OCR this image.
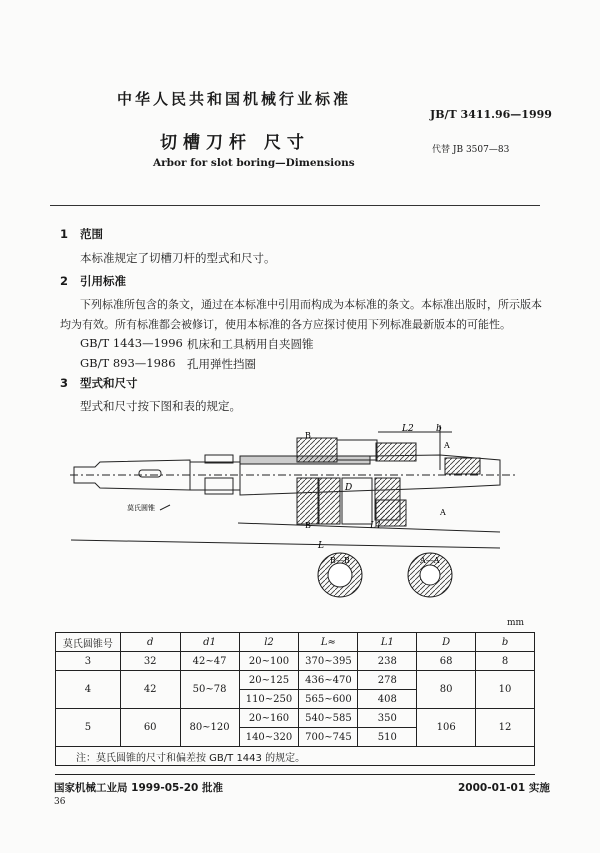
中华人民共和国机械行业标准
JB/T 3411.96—1999
切槽刀杆 尺寸	代替 JB 3507—83
Arbor for slot boring—Dimensions
1 范围
本标准规定了切槽刀杆的型式和尺寸。
2 引用标准
下列标准所包含的条文，通过在本标准中引用而构成为本标准的条文。本标准出版时，所示版本
均为有效。所有标准都会被修订，使用本标准的各方应探讨使用下列标准最新版本的可能性。
GB/T 1443—1996 机床和工具柄用自夹圆锥
GB/T 893—1986 孔用弹性挡圈
3 型式和尺寸
型式和尺寸按下图和表的规定。
莫氏圆锥
L
L1
L2 b
D
B
B
A
A
B—B	A—A
mm
莫氏圆锥号	d	d1	l2	L≈	L1	D	b
3	32	42~47	20~100	370~395	238	68	8
4	42	50~78	20~125	436~470	278	80	10
			110~250	565~600	408		
5	60	80~120	20~160	540~585	350	106	12
			140~320	700~745	510		
注：莫氏圆锥的尺寸和偏差按 GB/T 1443 的规定。							
国家机械工业局 1999-05-20 批准	2000-01-01 实施
36
